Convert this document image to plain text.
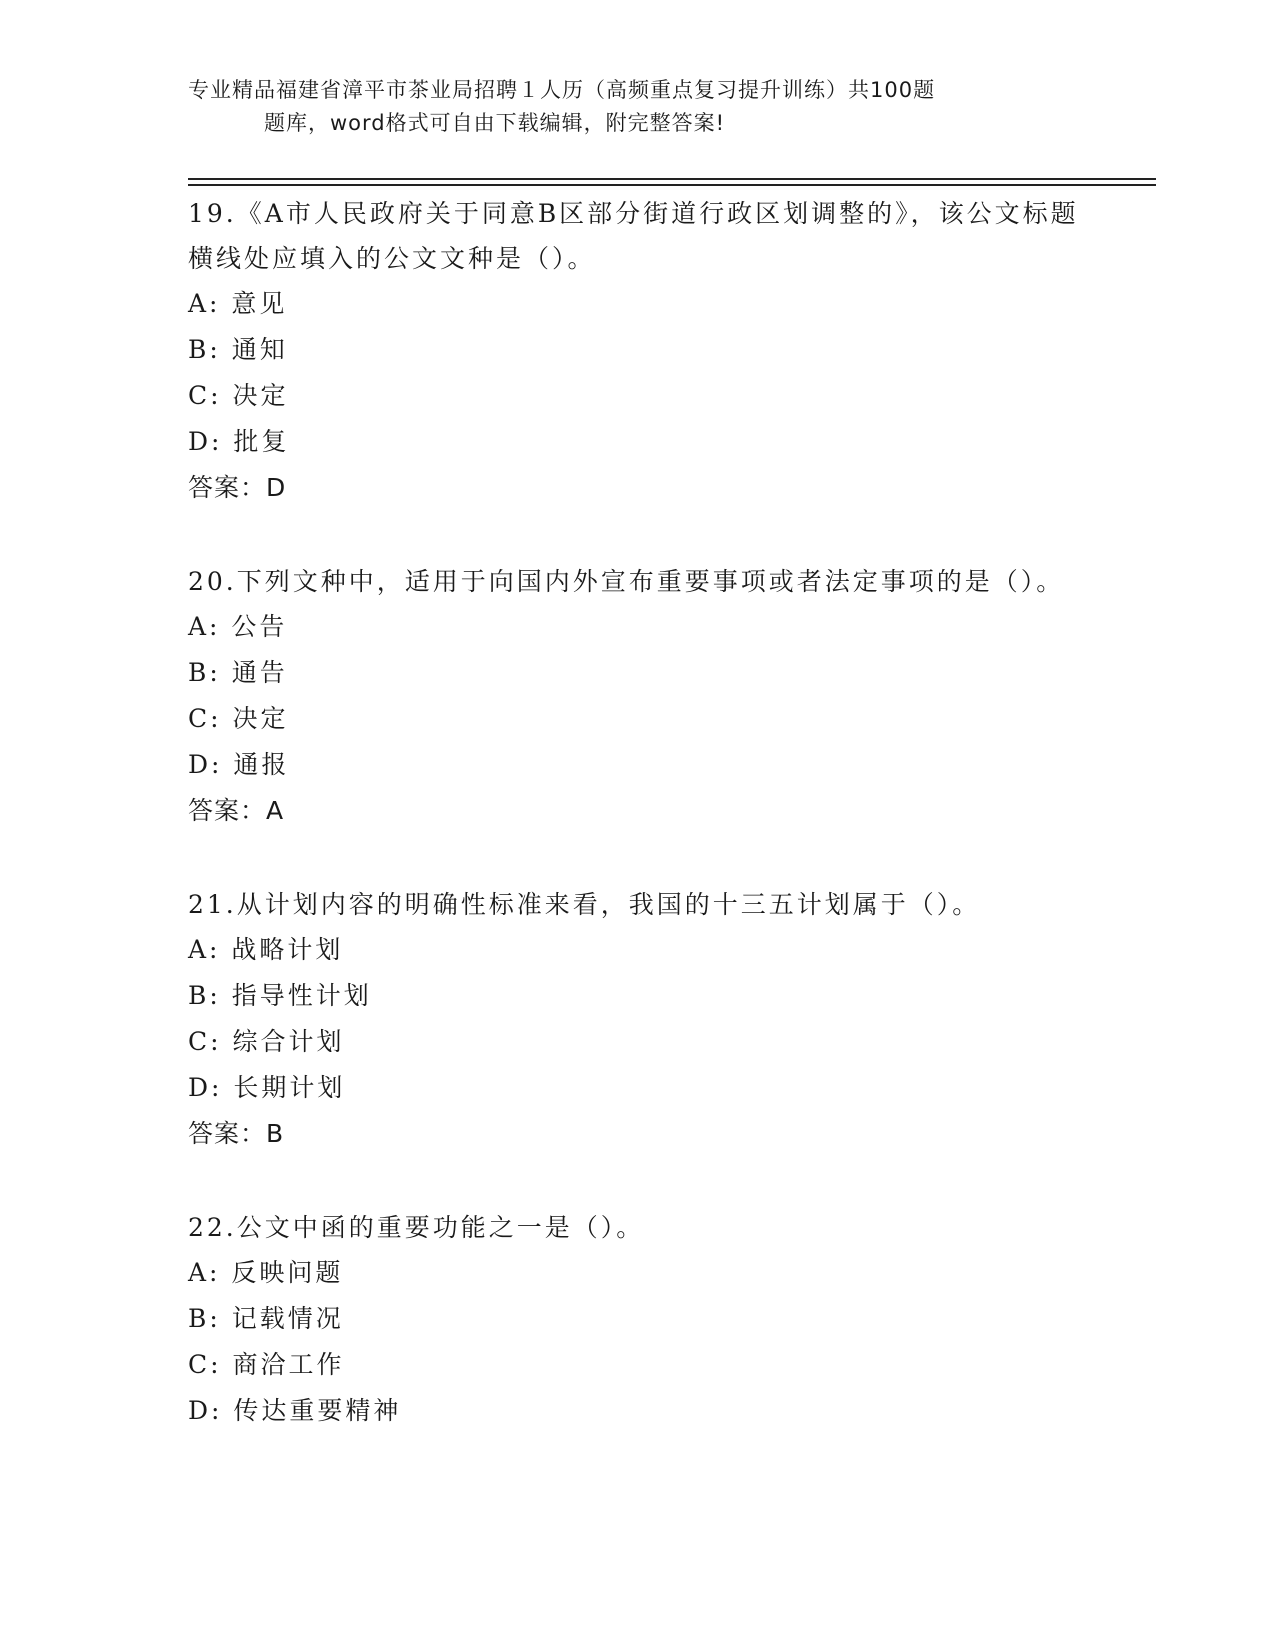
专业精品福建省漳平市茶业局招聘１人历（高频重点复习提升训练）共100题
题库，word格式可自由下载编辑，附完整答案!
19.《A市人民政府关于同意B区部分街道行政区划调整的》，该公文标题横线处应填入的公文文种是（）。
A: 意见
B: 通知
C: 决定
D: 批复
答案：D
20.下列文种中，适用于向国内外宣布重要事项或者法定事项的是（）。
A: 公告
B: 通告
C: 决定
D: 通报
答案：A
21.从计划内容的明确性标准来看，我国的十三五计划属于（）。
A: 战略计划
B: 指导性计划
C: 综合计划
D: 长期计划
答案：B
22.公文中函的重要功能之一是（）。
A: 反映问题
B: 记载情况
C: 商洽工作
D: 传达重要精神
